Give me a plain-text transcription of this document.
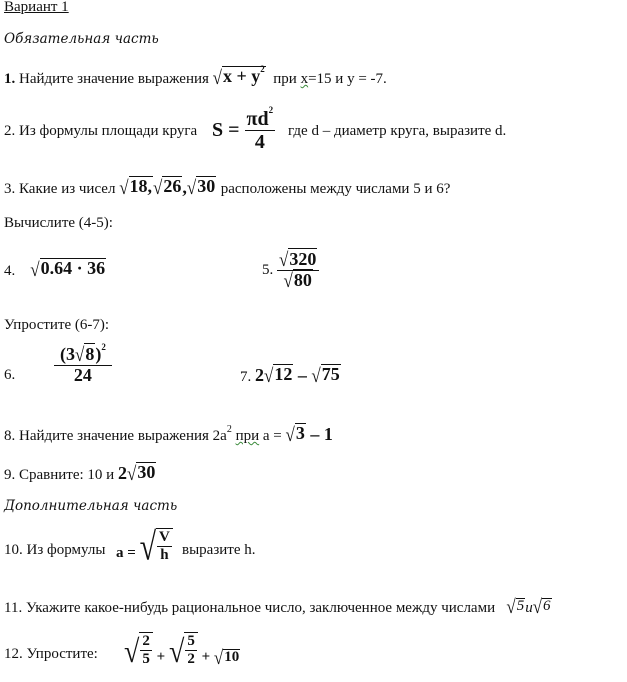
Вариант 1
Обязательная часть
1. Найдите значение выражения √ $x + y^2$
при x=15 и y = -7.
2. Из формулы площади круга $S = \frac{\pi d^2}{4}$ где d – диаметр круга, выразите d.
3. Какие из чисел √ 18, √ 26 , √ 30 расположены между числами 5 и 6?
Вычислите (4-5):
4. √ 0.64 · 36	5. $\frac{√320}{√80}$
Упростите (6-7):
6. $\frac{(3√8)^2}{24}$	7. 2 √ 12 – √ 75
8. Найдите значение выражения $2a^2$ при a = √ 3 – 1
9. Сравните: 10 и 2 √ 30
Дополнительная часть
10. Из формулы a = √ $\frac{V}{h}$ выразите h.
11. Укажите какое-нибудь рациональное число, заключенное между числами √ 5 и √ 6
12. Упростите: √ $\frac{2}{5}$ + √ $\frac{5}{2}$ + √ 10
